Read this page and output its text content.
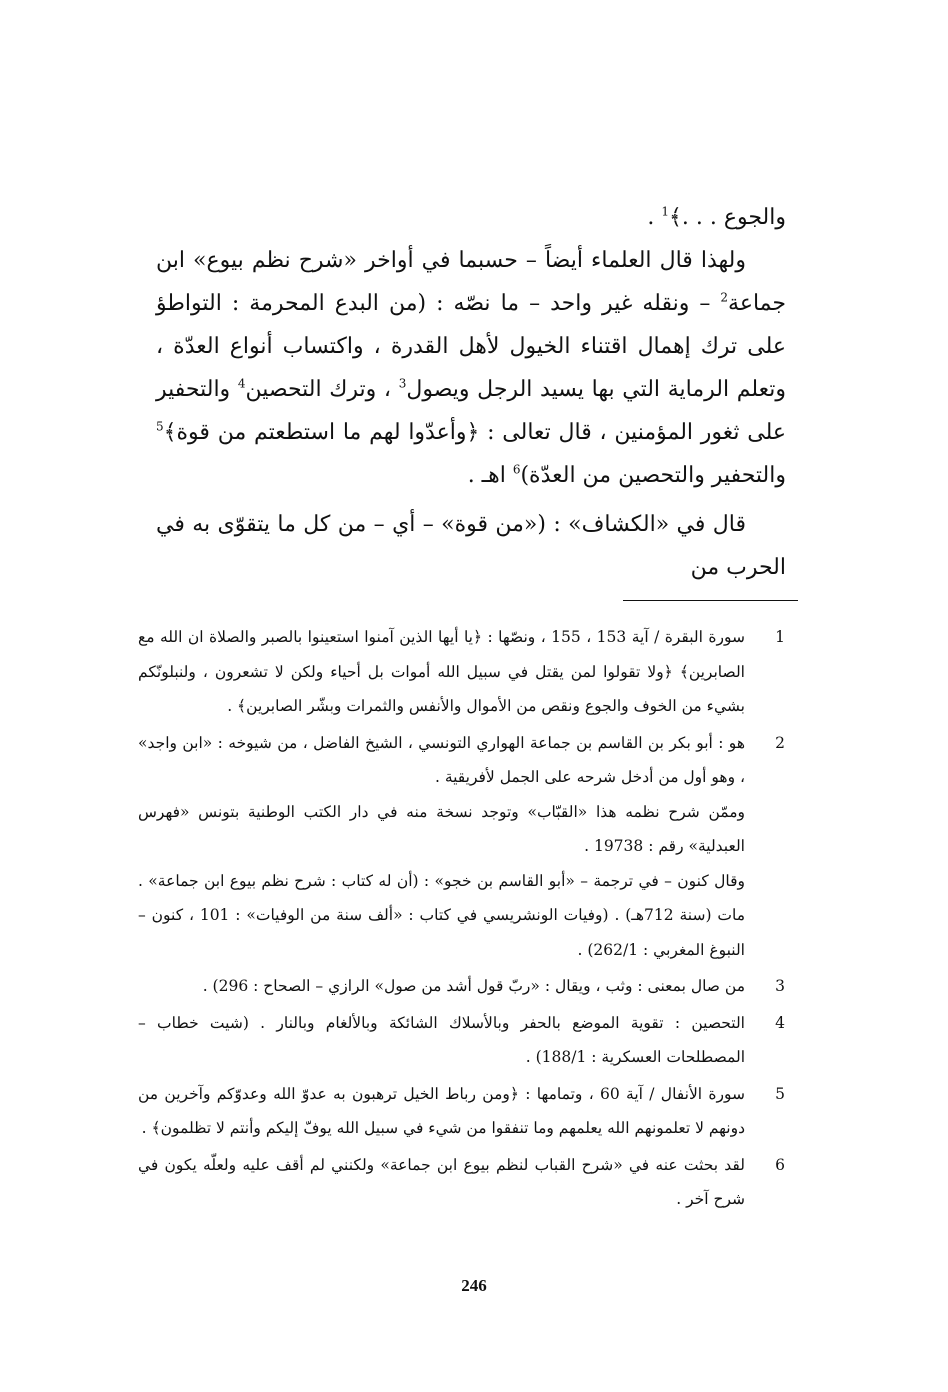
والجوع . . .﴾$^1$ .

ولهذا قال العلماء أيضاً – حسبما في أواخر «شرح نظم بيوع» ابن جماعة$^2$ – ونقله غير واحد – ما نصّه : (من البدع المحرمة : التواطؤ على ترك إهمال اقتناء الخيول لأهل القدرة ، واكتساب أنواع العدّة ، وتعلم الرماية التي بها يسيد الرجل ويصول$^3$ ، وترك التحصين$^4$ والتحفير على ثغور المؤمنين ، قال تعالى : ﴿وأعدّوا لهم ما استطعتم من قوة﴾$^5$ والتحفير والتحصين من العدّة)$^6$ اهـ .

قال في «الكشاف» : («من قوة» – أي – من كل ما يتقوّى به في الحرب من

1

سورة البقرة / آية 153 ، 155 ، ونصّها : ﴿يا أيها الذين آمنوا استعينوا بالصبر والصلاة ان الله مع الصابرين﴾ ﴿ولا تقولوا لمن يقتل في سبيل الله أموات بل أحياء ولكن لا تشعرون ، ولنبلونّكم بشيء من الخوف والجوع ونقص من الأموال والأنفس والثمرات وبشّر الصابرين﴾ .

2

هو : أبو بكر بن القاسم بن جماعة الهواري التونسي ، الشيخ الفاضل ، من شيوخه : «ابن واجد» ، وهو أول من أدخل شرحه على الجمل لأفريقية .

وممّن شرح نظمه هذا «القبّاب» وتوجد نسخة منه في دار الكتب الوطنية بتونس «فهرس العبدلية» رقم : 19738 .

وقال كنون – في ترجمة – «أبو القاسم بن خجو» : (أن له كتاب : شرح نظم بيوع ابن جماعة» . مات (سنة 712هـ) . (وفيات الونشريسي في كتاب : «ألف سنة من الوفيات» : 101 ، كنون – النبوغ المغربي : 262/1) .

3

من صال بمعنى : وثب ، ويقال : «ربّ قول أشد من صول» الرازي – الصحاح : 296) .

4

التحصين : تقوية الموضع بالحفر وبالأسلاك الشائكة وبالألغام وبالنار . (شيت خطاب – المصطلحات العسكرية : 188/1) .

5

سورة الأنفال / آية 60 ، وتمامها : ﴿ومن رباط الخيل ترهبون به عدوّ الله وعدوّكم وآخرين من دونهم لا تعلمونهم الله يعلمهم وما تنفقوا من شيء في سبيل الله يوفّ إليكم وأنتم لا تظلمون﴾ .

6

لقد بحثت عنه في «شرح القباب لنظم بيوع ابن جماعة» ولكنني لم أقف عليه ولعلّه يكون في شرح آخر .

246
